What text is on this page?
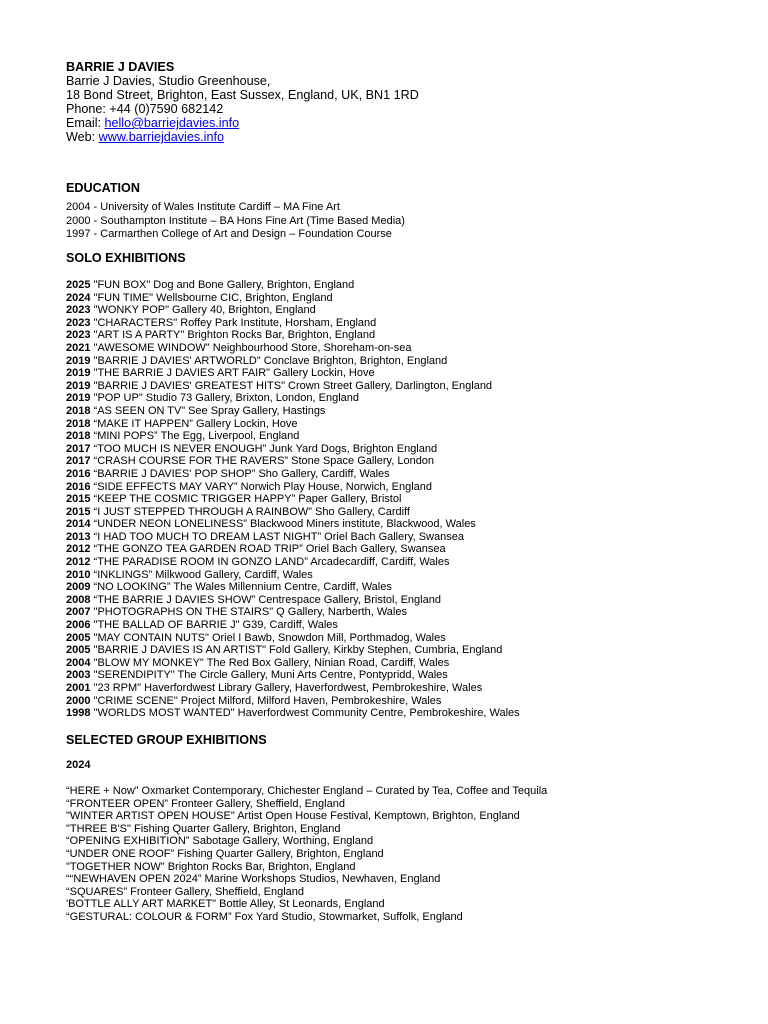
BARRIE J DAVIES
Barrie J Davies, Studio Greenhouse,
18 Bond Street, Brighton, East Sussex, England, UK, BN1 1RD
Phone: +44 (0)7590 682142
Email: hello@barriejdavies.info
Web: www.barriejdavies.info
EDUCATION
2004 - University of Wales Institute Cardiff – MA Fine Art
2000 - Southampton Institute – BA Hons Fine Art (Time Based Media)
1997 - Carmarthen College of Art and Design – Foundation Course
SOLO EXHIBITIONS
2025 "FUN BOX" Dog and Bone Gallery, Brighton, England
2024 "FUN TIME" Wellsbourne CIC, Brighton, England
2023 "WONKY POP" Gallery 40, Brighton, England
2023 "CHARACTERS" Roffey Park Institute, Horsham, England
2023 "ART IS A PARTY" Brighton Rocks Bar, Brighton, England
2021 "AWESOME WINDOW" Neighbourhood Store, Shoreham-on-sea
2019 "BARRIE J DAVIES' ARTWORLD" Conclave Brighton, Brighton, England
2019 "THE BARRIE J DAVIES ART FAIR" Gallery Lockin, Hove
2019 "BARRIE J DAVIES' GREATEST HITS" Crown Street Gallery, Darlington, England
2019 "POP UP" Studio 73 Gallery, Brixton, London, England
2018 “AS SEEN ON TV” See Spray Gallery, Hastings
2018 “MAKE IT HAPPEN” Gallery Lockin, Hove
2018 “MINI POPS” The Egg, Liverpool, England
2017 “TOO MUCH IS NEVER ENOUGH” Junk Yard Dogs, Brighton England
2017 “CRASH COURSE FOR THE RAVERS” Stone Space Gallery, London
2016 “BARRIE J DAVIES' POP SHOP” Sho Gallery, Cardiff, Wales
2016 “SIDE EFFECTS MAY VARY” Norwich Play House, Norwich, England
2015 “KEEP THE COSMIC TRIGGER HAPPY” Paper Gallery, Bristol
2015 “I JUST STEPPED THROUGH A RAINBOW” Sho Gallery, Cardiff
2014 “UNDER NEON LONELINESS” Blackwood Miners institute, Blackwood, Wales
2013 “I HAD TOO MUCH TO DREAM LAST NIGHT” Oriel Bach Gallery, Swansea
2012 “THE GONZO TEA GARDEN ROAD TRIP” Oriel Bach Gallery, Swansea
2012 “THE PARADISE ROOM IN GONZO LAND” Arcadecardiff, Cardiff, Wales
2010 “INKLINGS” Milkwood Gallery, Cardiff, Wales
2009 “NO LOOKING” The Wales Millennium Centre, Cardiff, Wales
2008 “THE BARRIE J DAVIES SHOW” Centrespace Gallery, Bristol, England
2007 "PHOTOGRAPHS ON THE STAIRS" Q Gallery, Narberth, Wales
2006 "THE BALLAD OF BARRIE J" G39, Cardiff, Wales
2005 "MAY CONTAIN NUTS" Oriel I Bawb, Snowdon Mill, Porthmadog, Wales
2005 "BARRIE J DAVIES IS AN ARTIST" Fold Gallery, Kirkby Stephen, Cumbria, England
2004 "BLOW MY MONKEY" The Red Box Gallery, Ninian Road, Cardiff, Wales
2003 "SERENDIPITY" The Circle Gallery, Muni Arts Centre, Pontypridd, Wales
2001 "23 RPM" Haverfordwest Library Gallery, Haverfordwest, Pembrokeshire, Wales
2000 "CRIME SCENE" Project Milford, Milford Haven, Pembrokeshire, Wales
1998 "WORLDS MOST WANTED" Haverfordwest Community Centre, Pembrokeshire, Wales
SELECTED GROUP EXHIBITIONS
2024
“HERE + Now” Oxmarket Contemporary, Chichester England – Curated by Tea, Coffee and Tequila
“FRONTEER OPEN” Fronteer Gallery, Sheffield, England
"WINTER ARTIST OPEN HOUSE" Artist Open House Festival, Kemptown, Brighton, England
"THREE B'S" Fishing Quarter Gallery, Brighton, England
“OPENING EXHIBITION” Sabotage Gallery, Worthing, England
“UNDER ONE ROOF” Fishing Quarter Gallery, Brighton, England
"TOGETHER NOW" Brighton Rocks Bar, Brighton, England
““NEWHAVEN OPEN 2024” Marine Workshops Studios, Newhaven, England
“SQUARES” Fronteer Gallery, Sheffield, England
'BOTTLE ALLY ART MARKET" Bottle Alley, St Leonards, England
“GESTURAL: COLOUR & FORM” Fox Yard Studio, Stowmarket, Suffolk, England
